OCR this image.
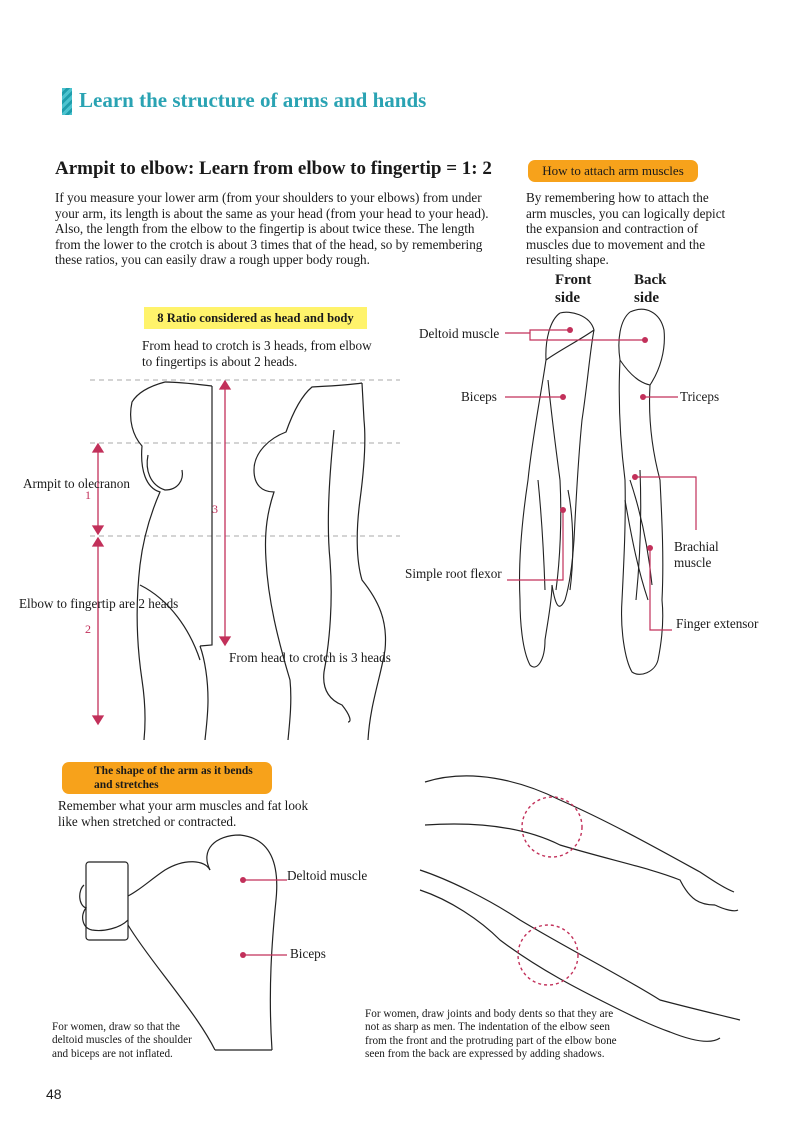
Learn the structure of arms and hands
Armpit to elbow: Learn from elbow to fingertip = 1: 2
If you measure your lower arm (from your shoulders to your elbows) from under your arm, its length is about the same as your head (from your head to your head). Also, the length from the elbow to the fingertip is about twice these. The length from the lower to the crotch is about 3 times that of the head, so by remembering these ratios, you can easily draw a rough upper body rough.
How to attach arm muscles
By remembering how to attach the arm muscles, you can logically depict the expansion and contraction of muscles due to movement and the resulting shape.
8 Ratio considered as head and body
From head to crotch is 3 heads, from elbow to fingertips is about 2 heads.
Armpit to olecranon
Elbow to fingertip are 2 heads
From head to crotch is 3 heads
1
2
3
Front side
Back side
Deltoid muscle
Biceps	Triceps
Brachial muscle
Simple root flexor
Finger extensor
The shape of the arm as it bends and stretches
Remember what your arm muscles and fat look like when stretched or contracted.
Deltoid muscle
Biceps
For women, draw so that the deltoid muscles of the shoulder and biceps are not inflated.
For women, draw joints and body dents so that they are not as sharp as men. The indentation of the elbow seen from the front and the protruding part of the elbow bone seen from the back are expressed by adding shadows.
48
